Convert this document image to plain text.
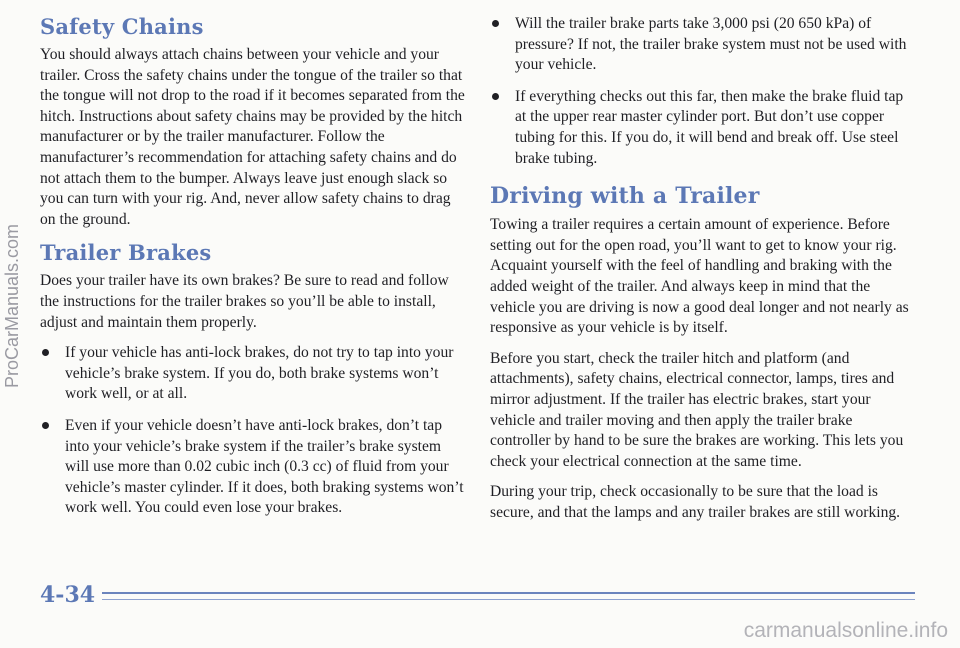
Safety Chains

You should always attach chains between your vehicle and your trailer. Cross the safety chains under the tongue of the trailer so that the tongue will not drop to the road if it becomes separated from the hitch. Instructions about safety chains may be provided by the hitch manufacturer or by the trailer manufacturer. Follow the manufacturer’s recommendation for attaching safety chains and do not attach them to the bumper. Always leave just enough slack so you can turn with your rig. And, never allow safety chains to drag on the ground.

Trailer Brakes

Does your trailer have its own brakes? Be sure to read and follow the instructions for the trailer brakes so you’ll be able to install, adjust and maintain them properly.

If your vehicle has anti-lock brakes, do not try to tap into your vehicle’s brake system. If you do, both brake systems won’t work well, or at all.
Even if your vehicle doesn’t have anti-lock brakes, don’t tap into your vehicle’s brake system if the trailer’s brake system will use more than 0.02 cubic inch (0.3 cc) of fluid from your vehicle’s master cylinder. If it does, both braking systems won’t work well. You could even lose your brakes.
Will the trailer brake parts take 3,000 psi (20 650 kPa) of pressure? If not, the trailer brake system must not be used with your vehicle.
If everything checks out this far, then make the brake fluid tap at the upper rear master cylinder port. But don’t use copper tubing for this. If you do, it will bend and break off. Use steel brake tubing.
Driving with a Trailer

Towing a trailer requires a certain amount of experience. Before setting out for the open road, you’ll want to get to know your rig. Acquaint yourself with the feel of handling and braking with the added weight of the trailer. And always keep in mind that the vehicle you are driving is now a good deal longer and not nearly as responsive as your vehicle is by itself.

Before you start, check the trailer hitch and platform (and attachments), safety chains, electrical connector, lamps, tires and mirror adjustment. If the trailer has electric brakes, start your vehicle and trailer moving and then apply the trailer brake controller by hand to be sure the brakes are working. This lets you check your electrical connection at the same time.

During your trip, check occasionally to be sure that the load is secure, and that the lamps and any trailer brakes are still working.

4-34
ProCarManuals.com
carmanualsonline.info
